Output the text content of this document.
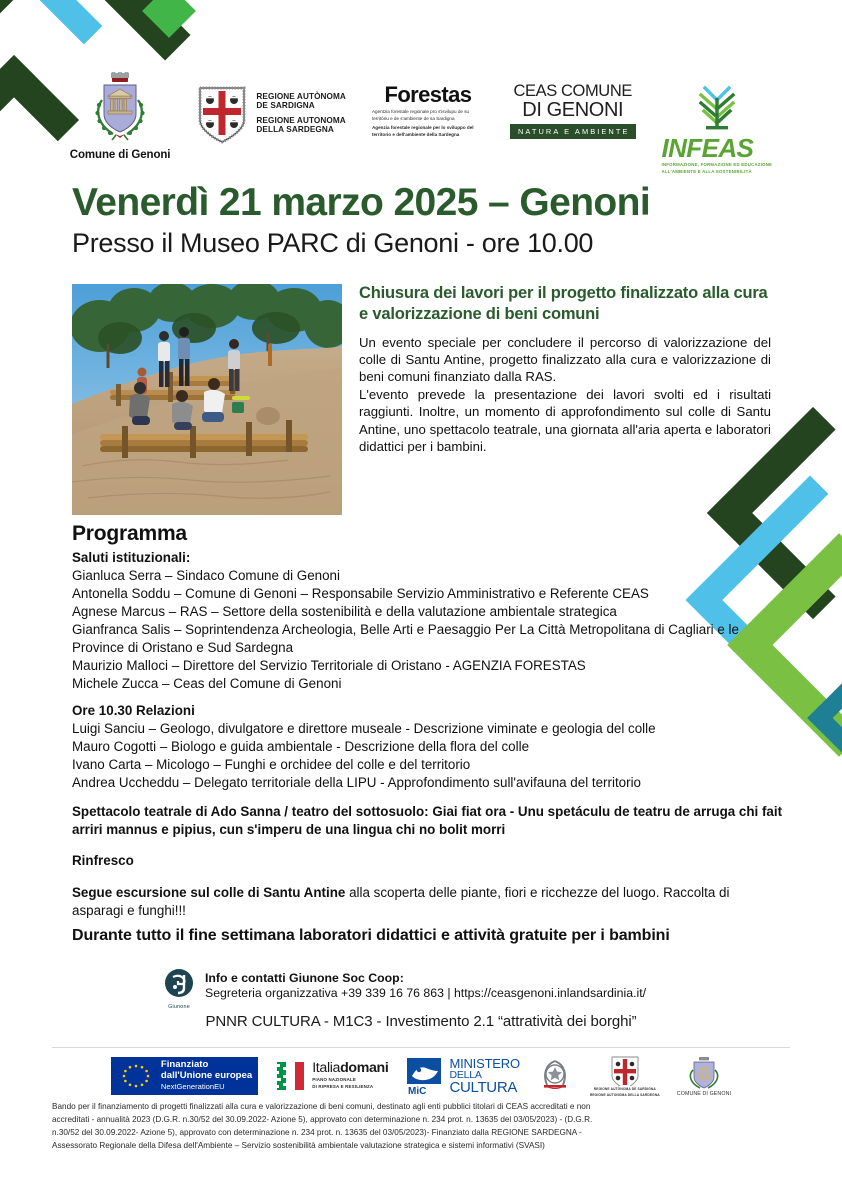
Comune di Genoni
REGIONE AUTÒNOMA
DE SARDIGNA
REGIONE AUTONOMA
DELLA SARDEGNA
Forestas
Agentzia forestale regionale pro s'isvilupu de su territòriu e de s'ambiente de sa Sardigna
Agenzia forestale regionale per lo sviluppo del territorio e dell'ambiente della Sardegna
CEAS COMUNE
DI GENONI
NATURA E AMBIENTE
INFEAS
INFORMAZIONE, FORMAZIONE ED EDUCAZIONE
ALL'AMBIENTE E ALLA SOSTENIBILITÀ
Venerdì 21 marzo 2025 – Genoni
Presso il Museo PARC di Genoni - ore 10.00
Chiusura dei lavori per il progetto finalizzato alla cura e valorizzazione di beni comuni

Un evento speciale per concludere il percorso di valorizzazione del colle di Santu Antine, progetto finalizzato alla cura e valorizzazione di beni comuni finanziato dalla RAS.

L'evento prevede la presentazione dei lavori svolti ed i risultati raggiunti. Inoltre, un momento di approfondimento sul colle di Santu Antine, uno spettacolo teatrale, una giornata all'aria aperta e laboratori didattici per i bambini.

Programma
Saluti istituzionali:
Gianluca Serra – Sindaco Comune di Genoni
Antonella Soddu – Comune di Genoni – Responsabile Servizio Amministrativo e Referente CEAS
Agnese Marcus – RAS – Settore della sostenibilità e della valutazione ambientale strategica
Gianfranca Salis – Soprintendenza Archeologia, Belle Arti e Paesaggio Per La Città Metropolitana di Cagliari e le Province di Oristano e Sud Sardegna
Maurizio Malloci – Direttore del Servizio Territoriale di Oristano - AGENZIA FORESTAS
Michele Zucca – Ceas del Comune di Genoni
Ore 10.30 Relazioni
Luigi Sanciu – Geologo, divulgatore e direttore museale - Descrizione viminate e geologia del colle
Mauro Cogotti – Biologo e guida ambientale - Descrizione della flora del colle
Ivano Carta – Micologo – Funghi e orchidee del colle e del territorio
Andrea Uccheddu – Delegato territoriale della LIPU - Approfondimento sull'avifauna del territorio
Spettacolo teatrale di Ado Sanna / teatro del sottosuolo: Giai fiat ora - Unu spetáculu de teatru de arruga chi fait arriri mannus e pipius, cun s'imperu de una lingua chi no bolit morri
Rinfresco
Segue escursione sul colle di Santu Antine alla scoperta delle piante, fiori e ricchezze del luogo. Raccolta di asparagi e funghi!!!
Durante tutto il fine settimana laboratori didattici e attività gratuite per i bambini
Giunone
Info e contatti Giunone Soc Coop:
Segreteria organizzativa +39 339 16 76 863 | https://ceasgenoni.inlandsardinia.it/
PNNR CULTURA - M1C3 - Investimento 2.1 “attratività dei borghi”
Finanziato
dall'Unione europea
NextGenerationEU
Italiadomani
PIANO NAZIONALE
DI RIPRESA E RESILIENZA	MiC
MINISTERO
DELLA
CULTURA	REGIONE AUTÒNOMA DE SARDIGNA
REGIONE AUTONOMA DELLA SARDEGNA	COMUNE DI GENONI

Bando per il finanziamento di progetti finalizzati alla cura e valorizzazione di beni comuni, destinato agli enti pubblici titolari di CEAS accreditati e non

accreditati - annualità 2023 (D.G.R. n.30/52 del 30.09.2022- Azione 5), approvato con determinazione n. 234 prot. n. 13635 del 03/05/2023) - (D.G.R.

n.30/52 del 30.09.2022- Azione 5), approvato con determinazione n. 234 prot. n. 13635 del 03/05/2023)- Finanziato dalla REGIONE SARDEGNA -

Assessorato Regionale della Difesa dell'Ambiente – Servizio sostenibilità ambientale valutazione strategica e sistemi informativi (SVASI)
